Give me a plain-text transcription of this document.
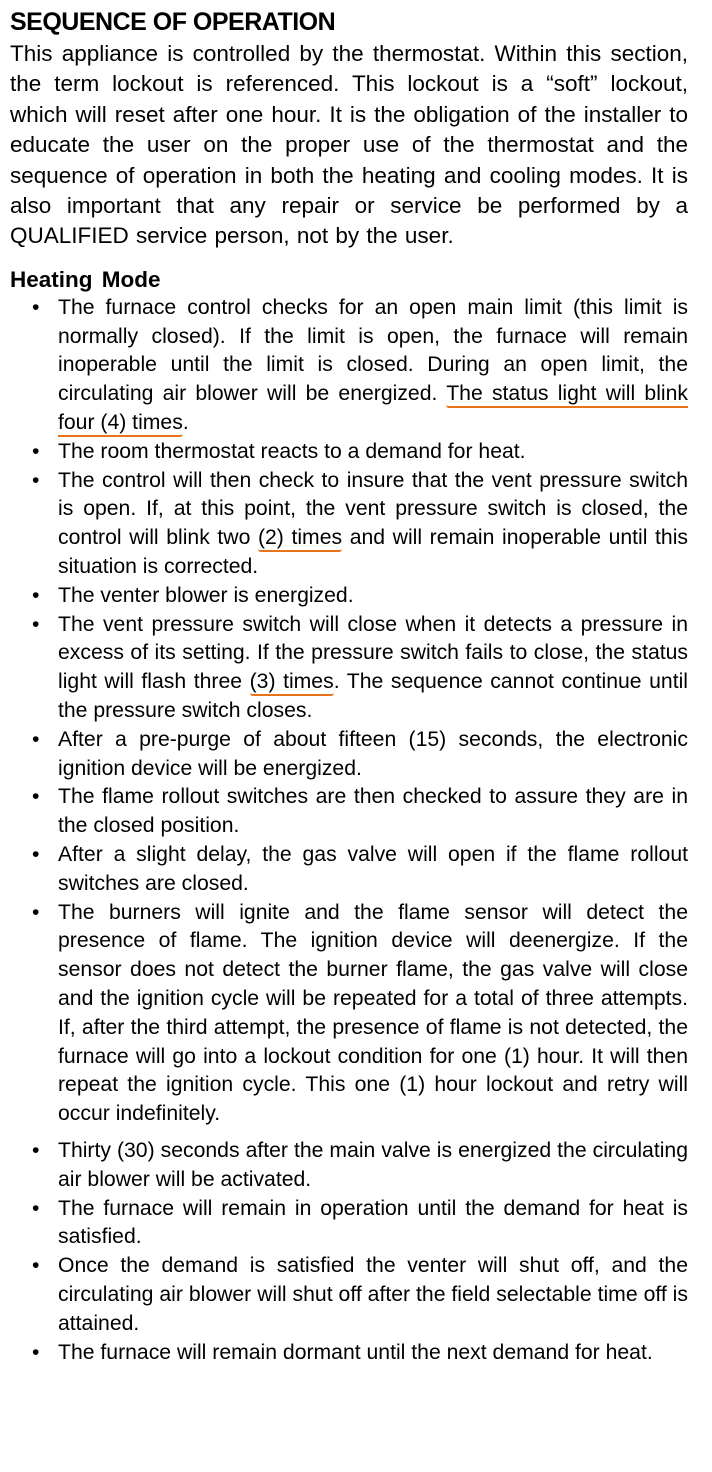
SEQUENCE OF OPERATION

This appliance is controlled by the thermostat. Within this section, the term lockout is referenced. This lockout is a “soft” lockout, which will reset after one hour. It is the obligation of the installer to educate the user on the proper use of the thermostat and the sequence of operation in both the heating and cooling modes. It is also important that any repair or service be performed by a QUALIFIED service person, not by the user.

Heating Mode
• The furnace control checks for an open main limit (this limit is normally closed). If the limit is open, the furnace will remain inoperable until the limit is closed. During an open limit, the circulating air blower will be energized. The status light will blink four (4) times.
• The room thermostat reacts to a demand for heat.
• The control will then check to insure that the vent pressure switch is open. If, at this point, the vent pressure switch is closed, the control will blink two (2) times and will remain inoperable until this situation is corrected.
• The venter blower is energized.
• The vent pressure switch will close when it detects a pressure in excess of its setting. If the pressure switch fails to close, the status light will flash three (3) times. The sequence cannot continue until the pressure switch closes.
• After a pre-purge of about fifteen (15) seconds, the electronic ignition device will be energized.
• The flame rollout switches are then checked to assure they are in the closed position.
• After a slight delay, the gas valve will open if the flame rollout switches are closed.
• The burners will ignite and the flame sensor will detect the presence of flame. The ignition device will deenergize. If the sensor does not detect the burner flame, the gas valve will close and the ignition cycle will be repeated for a total of three attempts. If, after the third attempt, the presence of flame is not detected, the furnace will go into a lockout condition for one (1) hour. It will then repeat the ignition cycle. This one (1) hour lockout and retry will occur indefinitely.
• Thirty (30) seconds after the main valve is energized the circulating air blower will be activated.
• The furnace will remain in operation until the demand for heat is satisfied.
• Once the demand is satisfied the venter will shut off, and the circulating air blower will shut off after the field selectable time off is attained.
• The furnace will remain dormant until the next demand for heat.
